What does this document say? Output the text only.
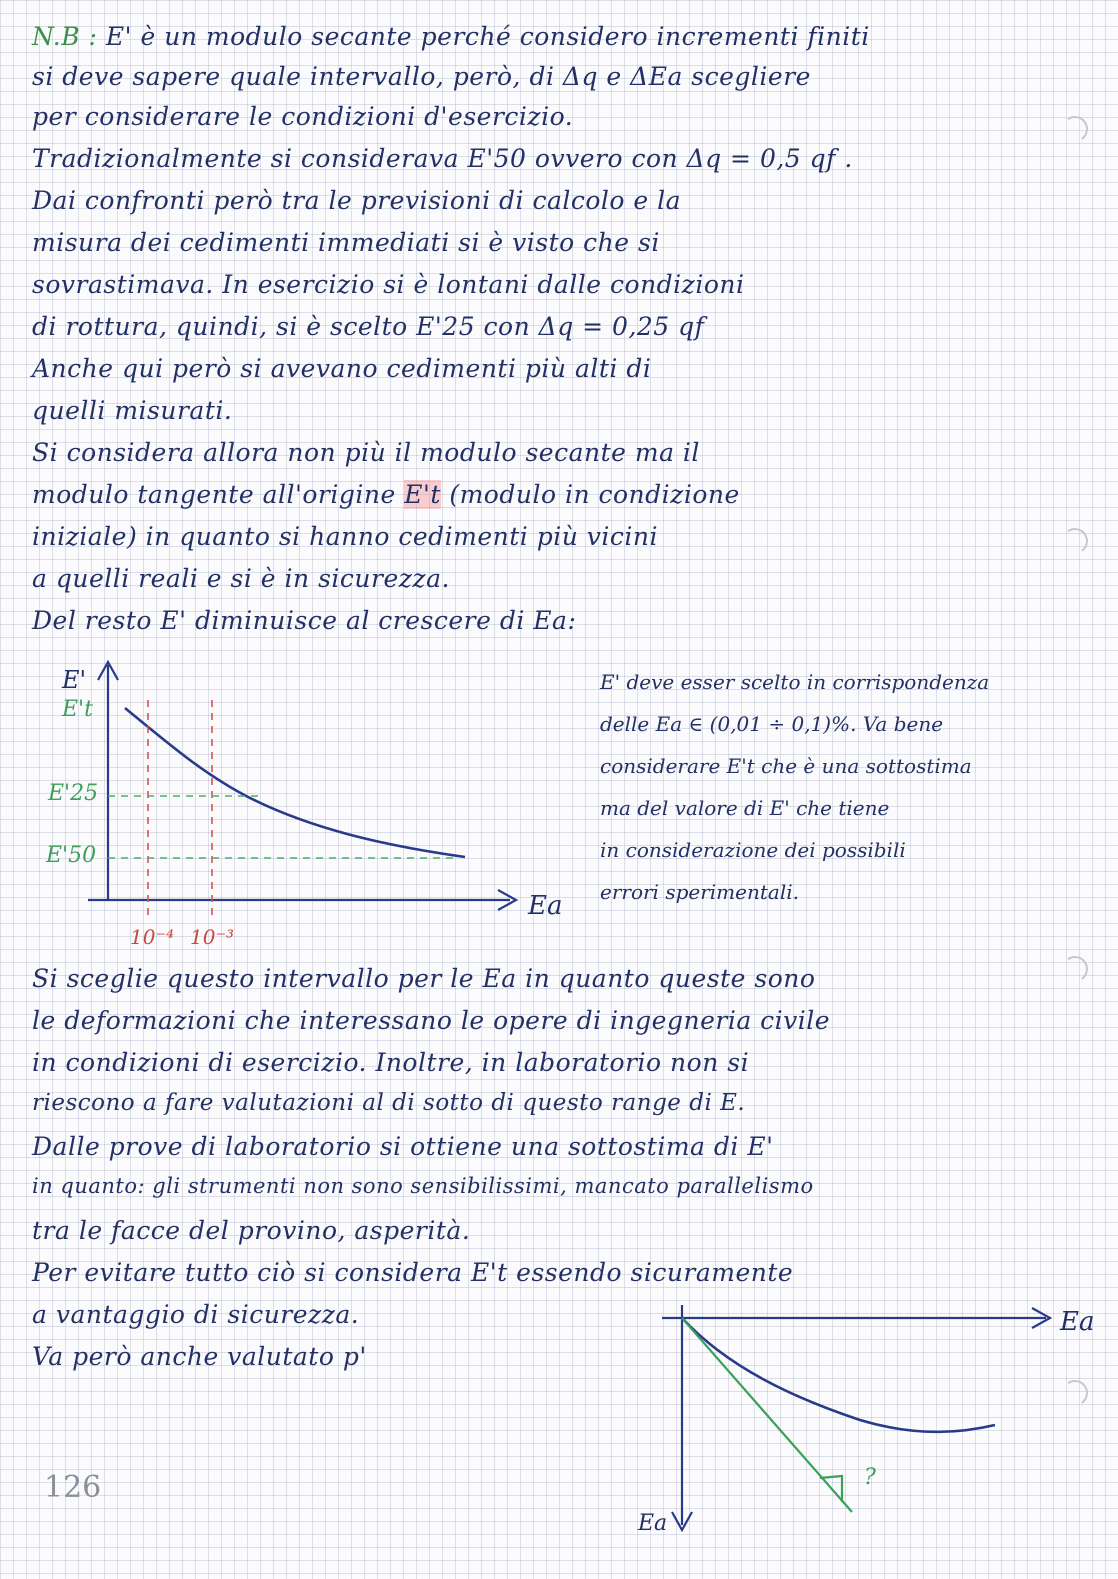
N.B : E' è un modulo secante perché considero incrementi finiti
si deve sapere quale intervallo, però, di Δq e ΔEa scegliere
per considerare le condizioni d'esercizio.
Tradizionalmente si considerava E'50 ovvero con Δq = 0,5 qf .
Dai confronti però tra le previsioni di calcolo e la
misura dei cedimenti immediati si è visto che si
sovrastimava. In esercizio si è lontani dalle condizioni
di rottura, quindi, si è scelto E'25 con Δq = 0,25 qf
Anche qui però si avevano cedimenti più alti di
quelli misurati.
Si considera allora non più il modulo secante ma il
modulo tangente all'origine E't (modulo in condizione
iniziale) in quanto si hanno cedimenti più vicini
a quelli reali e si è in sicurezza.
Del resto E' diminuisce al crescere di Ea:
E'
Ea
E't
E'25
E'50
10⁻⁴ 10⁻³
E' deve esser scelto in corrispondenza
delle Ea ∈ (0,01 ÷ 0,1)%. Va bene
considerare E't che è una sottostima
ma del valore di E' che tiene
in considerazione dei possibili
errori sperimentali.
Si sceglie questo intervallo per le Ea in quanto queste sono
le deformazioni che interessano le opere di ingegneria civile
in condizioni di esercizio. Inoltre, in laboratorio non si
riescono a fare valutazioni al di sotto di questo range di E.
Dalle prove di laboratorio si ottiene una sottostima di E'
in quanto: gli strumenti non sono sensibilissimi, mancato parallelismo
tra le facce del provino, asperità.
Per evitare tutto ciò si considera E't essendo sicuramente
a vantaggio di sicurezza.
Va però anche valutato p'
Ea
Ea
?
126
